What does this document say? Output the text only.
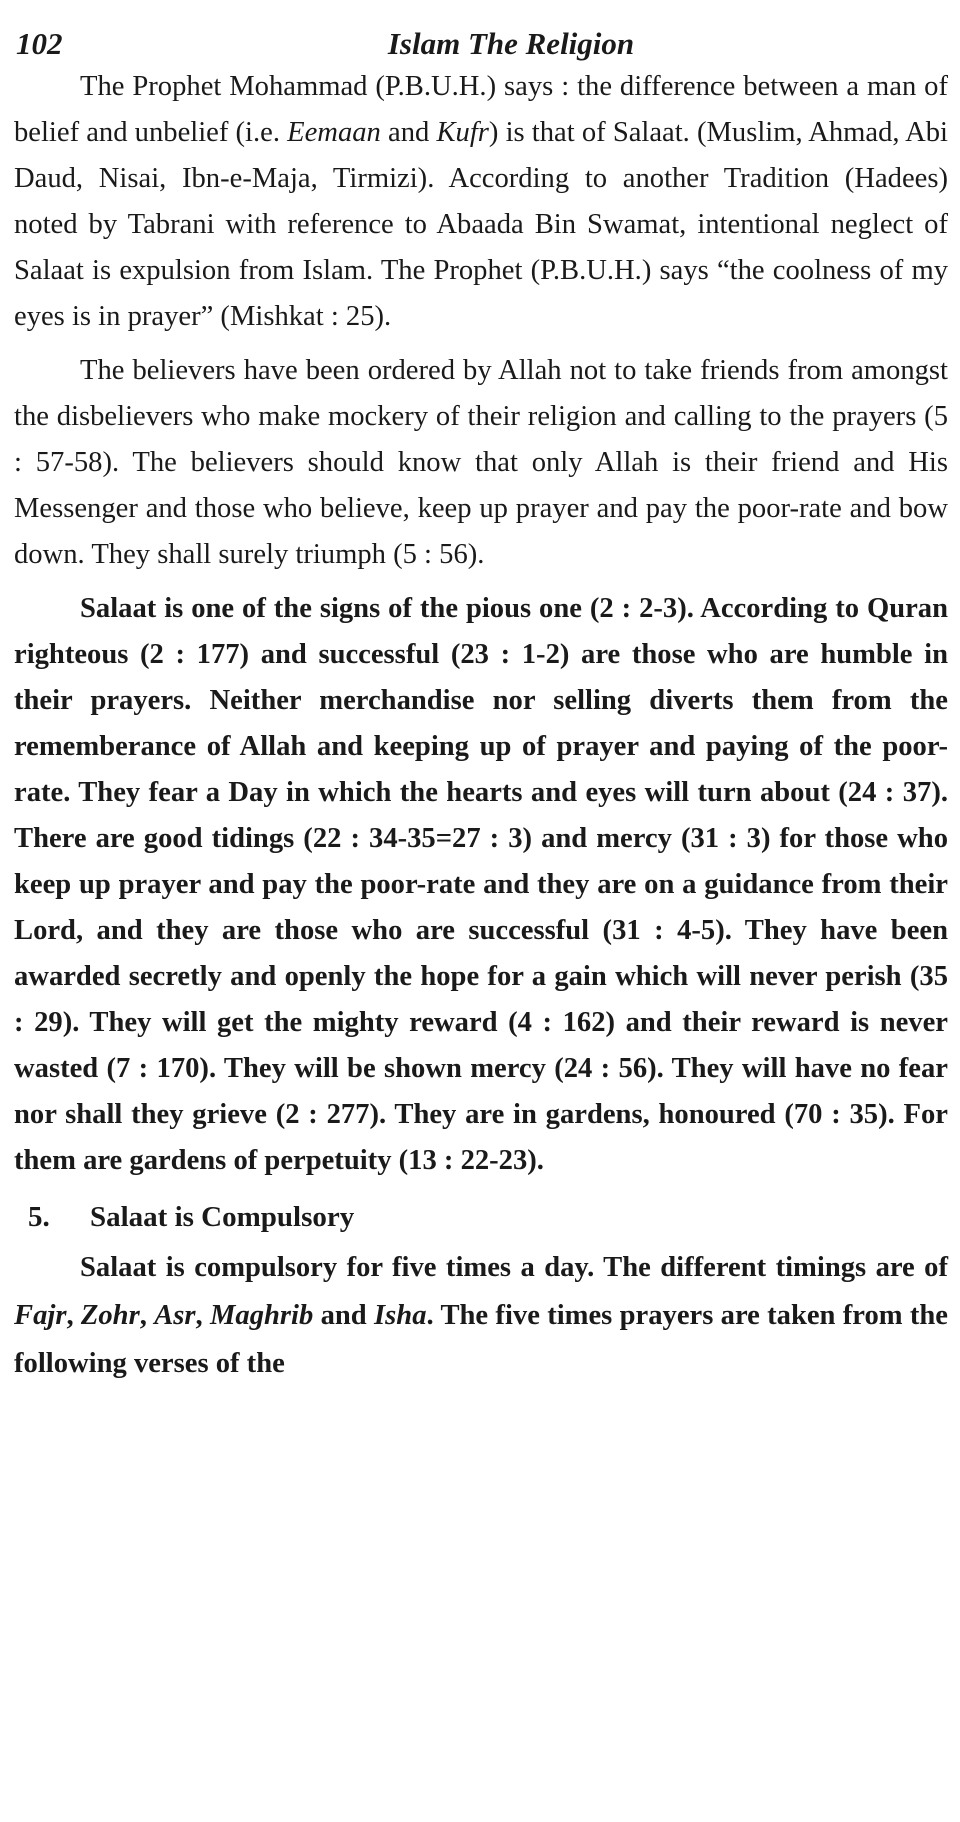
102	Islam The Religion

The Prophet Mohammad (P.B.U.H.) says : the difference between a man of belief and unbelief (i.e. Eemaan and Kufr) is that of Salaat. (Muslim, Ahmad, Abi Daud, Nisai, Ibn-e-Maja, Tirmizi). According to another Tradition (Hadees) noted by Tabrani with reference to Abaada Bin Swamat, intentional neglect of Salaat is expulsion from Islam. The Prophet (P.B.U.H.) says “the coolness of my eyes is in prayer” (Mishkat : 25).

The believers have been ordered by Allah not to take friends from amongst the disbelievers who make mockery of their religion and calling to the prayers (5 : 57-58). The believers should know that only Allah is their friend and His Messenger and those who believe, keep up prayer and pay the poor-rate and bow down. They shall surely triumph (5 : 56).

Salaat is one of the signs of the pious one (2 : 2-3). According to Quran righteous (2 : 177) and successful (23 : 1-2) are those who are humble in their prayers. Neither merchandise nor selling diverts them from the rememberance of Allah and keeping up of prayer and paying of the poor-rate. They fear a Day in which the hearts and eyes will turn about (24 : 37). There are good tidings (22 : 34-35=27 : 3) and mercy (31 : 3) for those who keep up prayer and pay the poor-rate and they are on a guidance from their Lord, and they are those who are successful (31 : 4-5). They have been awarded secretly and openly the hope for a gain which will never perish (35 : 29). They will get the mighty reward (4 : 162) and their reward is never wasted (7 : 170). They will be shown mercy (24 : 56). They will have no fear nor shall they grieve (2 : 277). They are in gardens, honoured (70 : 35). For them are gardens of perpetuity (13 : 22-23).

5. Salaat is Compulsory

Salaat is compulsory for five times a day. The different timings are of Fajr, Zohr, Asr, Maghrib and Isha. The five times prayers are taken from the following verses of the
